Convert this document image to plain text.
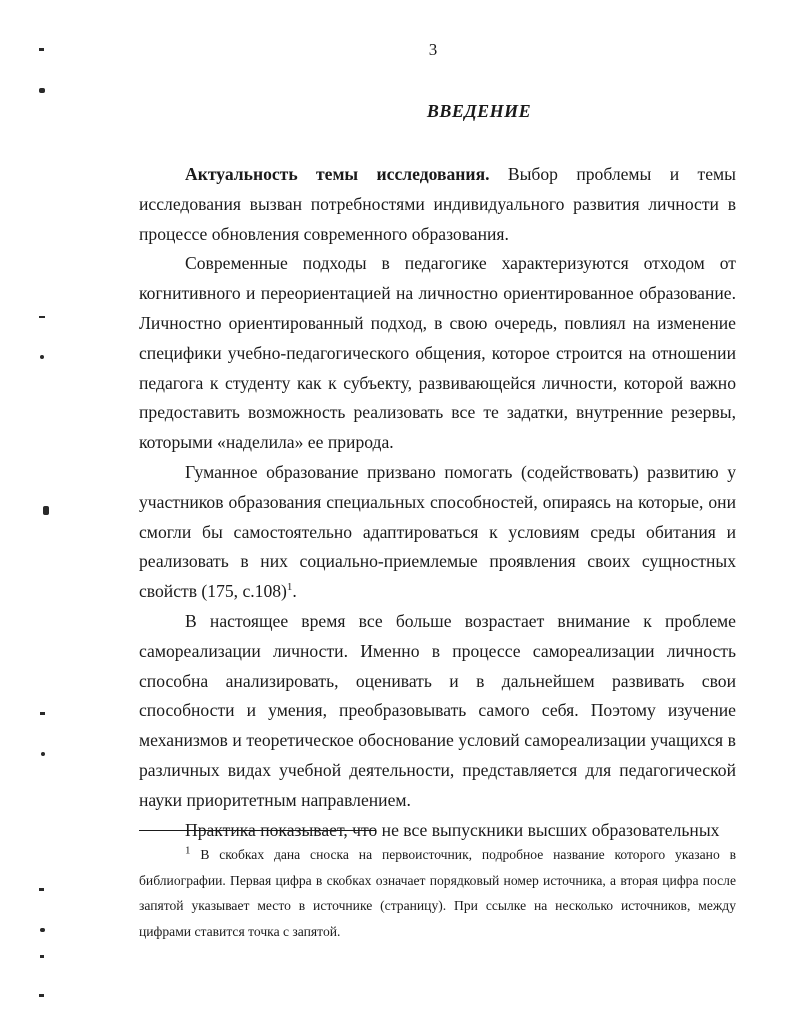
3
ВВЕДЕНИЕ

Актуальность темы исследования. Выбор проблемы и темы исследования вызван потребностями индивидуального развития личности в процессе обновления современного образования.

Современные подходы в педагогике характеризуются отходом от когнитивного и переориентацией на личностно ориентированное образование. Личностно ориентированный подход, в свою очередь, повлиял на изменение специфики учебно-педагогического общения, которое строится на отношении педагога к студенту как к субъекту, развивающейся личности, которой важно предоставить возможность реализовать все те задатки, внутренние резервы, которыми «наделила» ее природа.

Гуманное образование призвано помогать (содействовать) развитию у участников образования специальных способностей, опираясь на которые, они смогли бы самостоятельно адаптироваться к условиям среды обитания и реализовать в них социально-приемлемые проявления своих сущностных свойств (175, с.108)$^1$.

В настоящее время все больше возрастает внимание к проблеме самореализации личности. Именно в процессе самореализации личность способна анализировать, оценивать и в дальнейшем развивать свои способности и умения, преобразовывать самого себя. Поэтому изучение механизмов и теоретическое обоснование условий самореализации учащихся в различных видах учебной деятельности, представляется для педагогической науки приоритетным направлением.

Практика показывает, что не все выпускники высших образовательных

$^1$ В скобках дана сноска на первоисточник, подробное название которого указано в библиографии. Первая цифра в скобках означает порядковый номер источника, а вторая цифра после запятой указывает место в источнике (страницу). При ссылке на несколько источников, между цифрами ставится точка с запятой.
